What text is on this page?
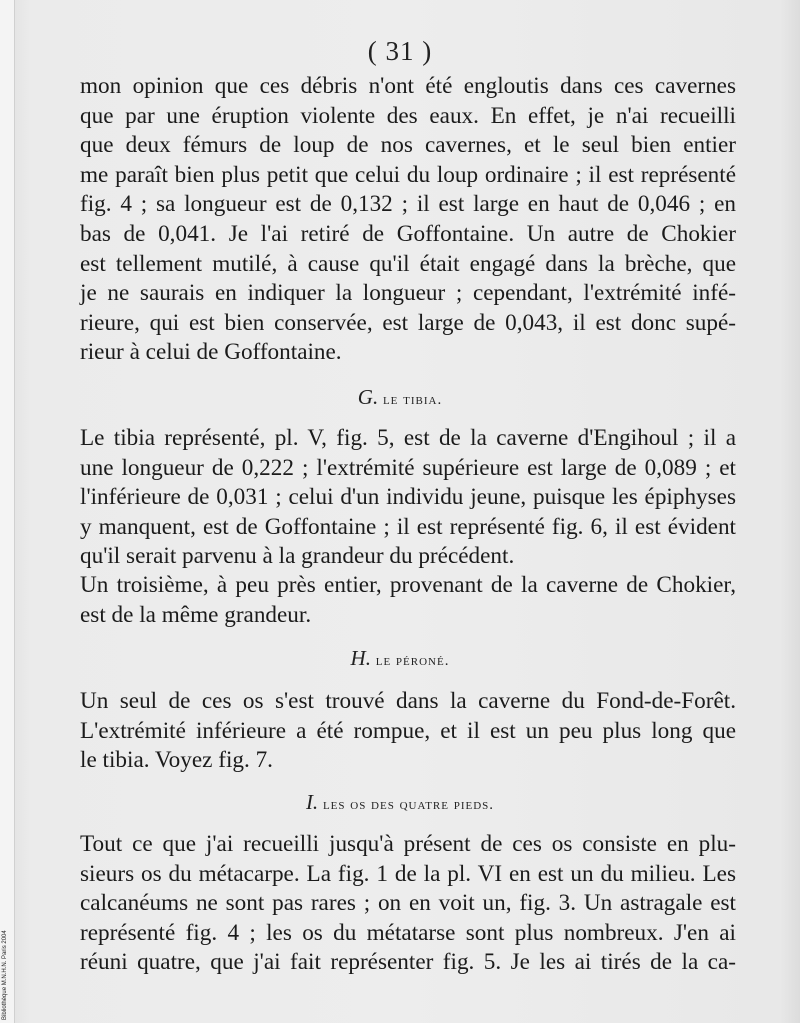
( 31 )

mon opinion que ces débris n'ont été engloutis dans ces cavernes
que par une éruption violente des eaux. En effet, je n'ai recueilli
que deux fémurs de loup de nos cavernes, et le seul bien entier
me paraît bien plus petit que celui du loup ordinaire ; il est représenté
fig. 4 ; sa longueur est de 0,132 ; il est large en haut de 0,046 ; en
bas de 0,041. Je l'ai retiré de Goffontaine. Un autre de Chokier
est tellement mutilé, à cause qu'il était engagé dans la brèche, que
je ne saurais en indiquer la longueur ; cependant, l'extrémité infé-
rieure, qui est bien conservée, est large de 0,043, il est donc supé-
rieur à celui de Goffontaine.

G. le tibia.

Le tibia représenté, pl. V, fig. 5, est de la caverne d'Engihoul ; il a
une longueur de 0,222 ; l'extrémité supérieure est large de 0,089 ; et
l'inférieure de 0,031 ; celui d'un individu jeune, puisque les épiphyses
y manquent, est de Goffontaine ; il est représenté fig. 6, il est évident
qu'il serait parvenu à la grandeur du précédent.

Un troisième, à peu près entier, provenant de la caverne de Chokier,
est de la même grandeur.

H. le péroné.

Un seul de ces os s'est trouvé dans la caverne du Fond-de-Forêt.
L'extrémité inférieure a été rompue, et il est un peu plus long que
le tibia. Voyez fig. 7.

I. les os des quatre pieds.

Tout ce que j'ai recueilli jusqu'à présent de ces os consiste en plu-
sieurs os du métacarpe. La fig. 1 de la pl. VI en est un du milieu. Les
calcanéums ne sont pas rares ; on en voit un, fig. 3. Un astragale est
représenté fig. 4 ; les os du métatarse sont plus nombreux. J'en ai
réuni quatre, que j'ai fait représenter fig. 5. Je les ai tirés de la ca-

Bibliothèque M.N.H.N. Paris 2004
